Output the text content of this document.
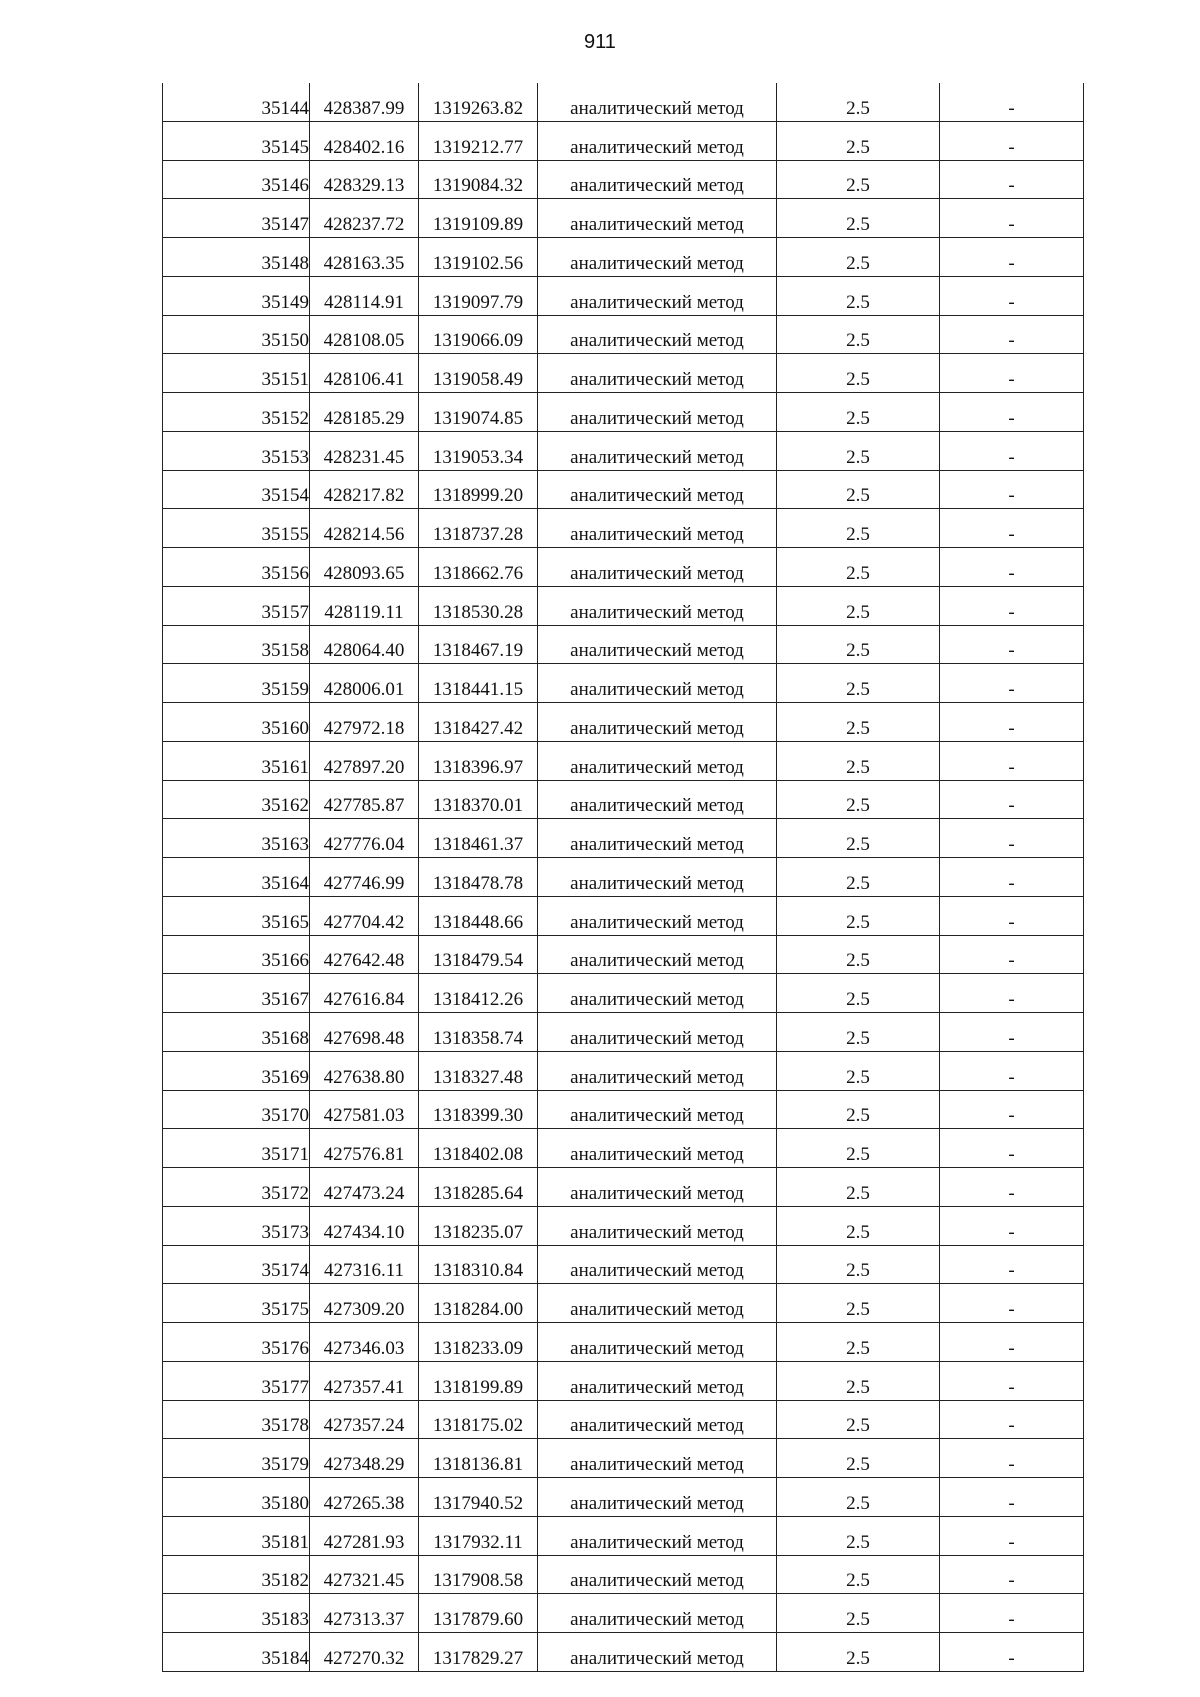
911
35144	428387.99	1319263.82	аналитический метод	2.5	-
35145	428402.16	1319212.77	аналитический метод	2.5	-
35146	428329.13	1319084.32	аналитический метод	2.5	-
35147	428237.72	1319109.89	аналитический метод	2.5	-
35148	428163.35	1319102.56	аналитический метод	2.5	-
35149	428114.91	1319097.79	аналитический метод	2.5	-
35150	428108.05	1319066.09	аналитический метод	2.5	-
35151	428106.41	1319058.49	аналитический метод	2.5	-
35152	428185.29	1319074.85	аналитический метод	2.5	-
35153	428231.45	1319053.34	аналитический метод	2.5	-
35154	428217.82	1318999.20	аналитический метод	2.5	-
35155	428214.56	1318737.28	аналитический метод	2.5	-
35156	428093.65	1318662.76	аналитический метод	2.5	-
35157	428119.11	1318530.28	аналитический метод	2.5	-
35158	428064.40	1318467.19	аналитический метод	2.5	-
35159	428006.01	1318441.15	аналитический метод	2.5	-
35160	427972.18	1318427.42	аналитический метод	2.5	-
35161	427897.20	1318396.97	аналитический метод	2.5	-
35162	427785.87	1318370.01	аналитический метод	2.5	-
35163	427776.04	1318461.37	аналитический метод	2.5	-
35164	427746.99	1318478.78	аналитический метод	2.5	-
35165	427704.42	1318448.66	аналитический метод	2.5	-
35166	427642.48	1318479.54	аналитический метод	2.5	-
35167	427616.84	1318412.26	аналитический метод	2.5	-
35168	427698.48	1318358.74	аналитический метод	2.5	-
35169	427638.80	1318327.48	аналитический метод	2.5	-
35170	427581.03	1318399.30	аналитический метод	2.5	-
35171	427576.81	1318402.08	аналитический метод	2.5	-
35172	427473.24	1318285.64	аналитический метод	2.5	-
35173	427434.10	1318235.07	аналитический метод	2.5	-
35174	427316.11	1318310.84	аналитический метод	2.5	-
35175	427309.20	1318284.00	аналитический метод	2.5	-
35176	427346.03	1318233.09	аналитический метод	2.5	-
35177	427357.41	1318199.89	аналитический метод	2.5	-
35178	427357.24	1318175.02	аналитический метод	2.5	-
35179	427348.29	1318136.81	аналитический метод	2.5	-
35180	427265.38	1317940.52	аналитический метод	2.5	-
35181	427281.93	1317932.11	аналитический метод	2.5	-
35182	427321.45	1317908.58	аналитический метод	2.5	-
35183	427313.37	1317879.60	аналитический метод	2.5	-
35184	427270.32	1317829.27	аналитический метод	2.5	-
